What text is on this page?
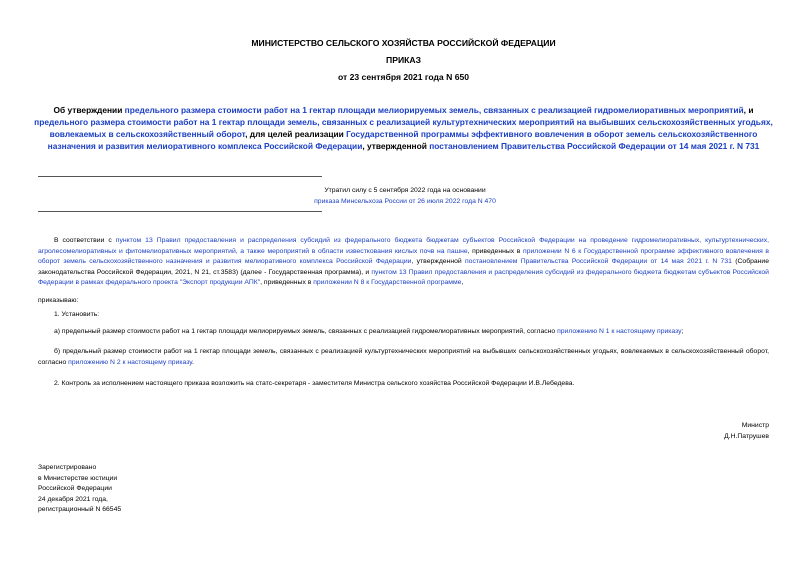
МИНИСТЕРСТВО СЕЛЬСКОГО ХОЗЯЙСТВА РОССИЙСКОЙ ФЕДЕРАЦИИ
ПРИКАЗ
от 23 сентября 2021 года N 650
Об утверждении предельного размера стоимости работ на 1 гектар площади мелиорируемых земель, связанных с реализацией гидромелиоративных мероприятий, и предельного размера стоимости работ на 1 гектар площади земель, связанных с реализацией культуртехнических мероприятий на выбывших сельскохозяйственных угодьях, вовлекаемых в сельскохозяйственный оборот, для целей реализации Государственной программы эффективного вовлечения в оборот земель сельскохозяйственного назначения и развития мелиоративного комплекса Российской Федерации, утвержденной постановлением Правительства Российской Федерации от 14 мая 2021 г. N 731
Утратил силу с 5 сентября 2022 года на основании
приказа Минсельхоза России от 26 июля 2022 года N 470
В соответствии с пунктом 13 Правил предоставления и распределения субсидий из федерального бюджета бюджетам субъектов Российской Федерации на проведение гидромелиоративных, культуртехнических, агролесомелиоративных и фитомелиоративных мероприятий, а также мероприятий в области известкования кислых почв на пашне, приведенных в приложении N 6 к Государственной программе эффективного вовлечения в оборот земель сельскохозяйственного назначения и развития мелиоративного комплекса Российской Федерации, утвержденной постановлением Правительства Российской Федерации от 14 мая 2021 г. N 731 (Собрание законодательства Российской Федерации, 2021, N 21, ст.3583) (далее - Государственная программа), и пунктом 13 Правил предоставления и распределения субсидий из федерального бюджета бюджетам субъектов Российской Федерации в рамках федерального проекта "Экспорт продукции АПК", приведенных в приложении N 8 к Государственной программе,
приказываю:
1. Установить:
а) предельный размер стоимости работ на 1 гектар площади мелиорируемых земель, связанных с реализацией гидромелиоративных мероприятий, согласно приложению N 1 к настоящему приказу;
б) предельный размер стоимости работ на 1 гектар площади земель, связанных с реализацией культуртехнических мероприятий на выбывших сельскохозяйственных угодьях, вовлекаемых в сельскохозяйственный оборот, согласно приложению N 2 к настоящему приказу.
2. Контроль за исполнением настоящего приказа возложить на статс-секретаря - заместителя Министра сельского хозяйства Российской Федерации И.В.Лебедева.
Министр
Д.Н.Патрушев
Зарегистрировано
в Министерстве юстиции
Российской Федерации
24 декабря 2021 года,
регистрационный N 66545
